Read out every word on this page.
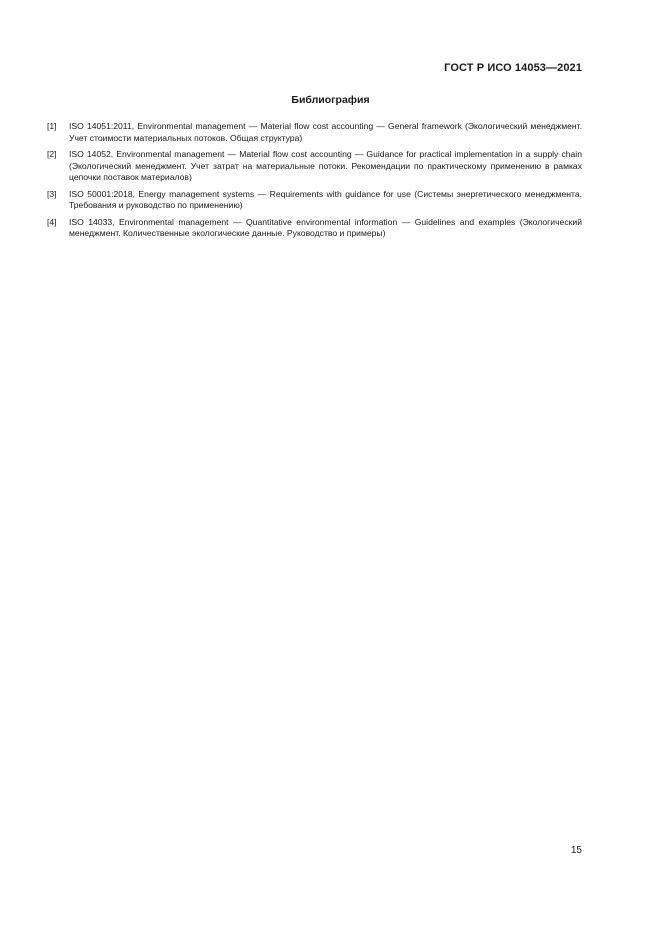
ГОСТ Р ИСО 14053—2021
Библиография
[1]	ISO 14051:2011, Environmental management — Material flow cost accounting — General framework (Экологический менеджмент. Учет стоимости материальных потоков. Общая структура)
[2]	ISO 14052, Environmental management — Material flow cost accounting — Guidance for practical implementation in a supply chain (Экологический менеджмент. Учет затрат на материальные потоки. Рекомендации по практическому применению в рамках цепочки поставок материалов)
[3]	ISO 50001:2018, Energy management systems — Requirements with guidance for use (Системы энергетического менеджмента. Требования и руководство по применению)
[4]	ISO 14033, Environmental management — Quantitative environmental information — Guidelines and examples (Экологический менеджмент. Количественные экологические данные. Руководство и примеры)
15
